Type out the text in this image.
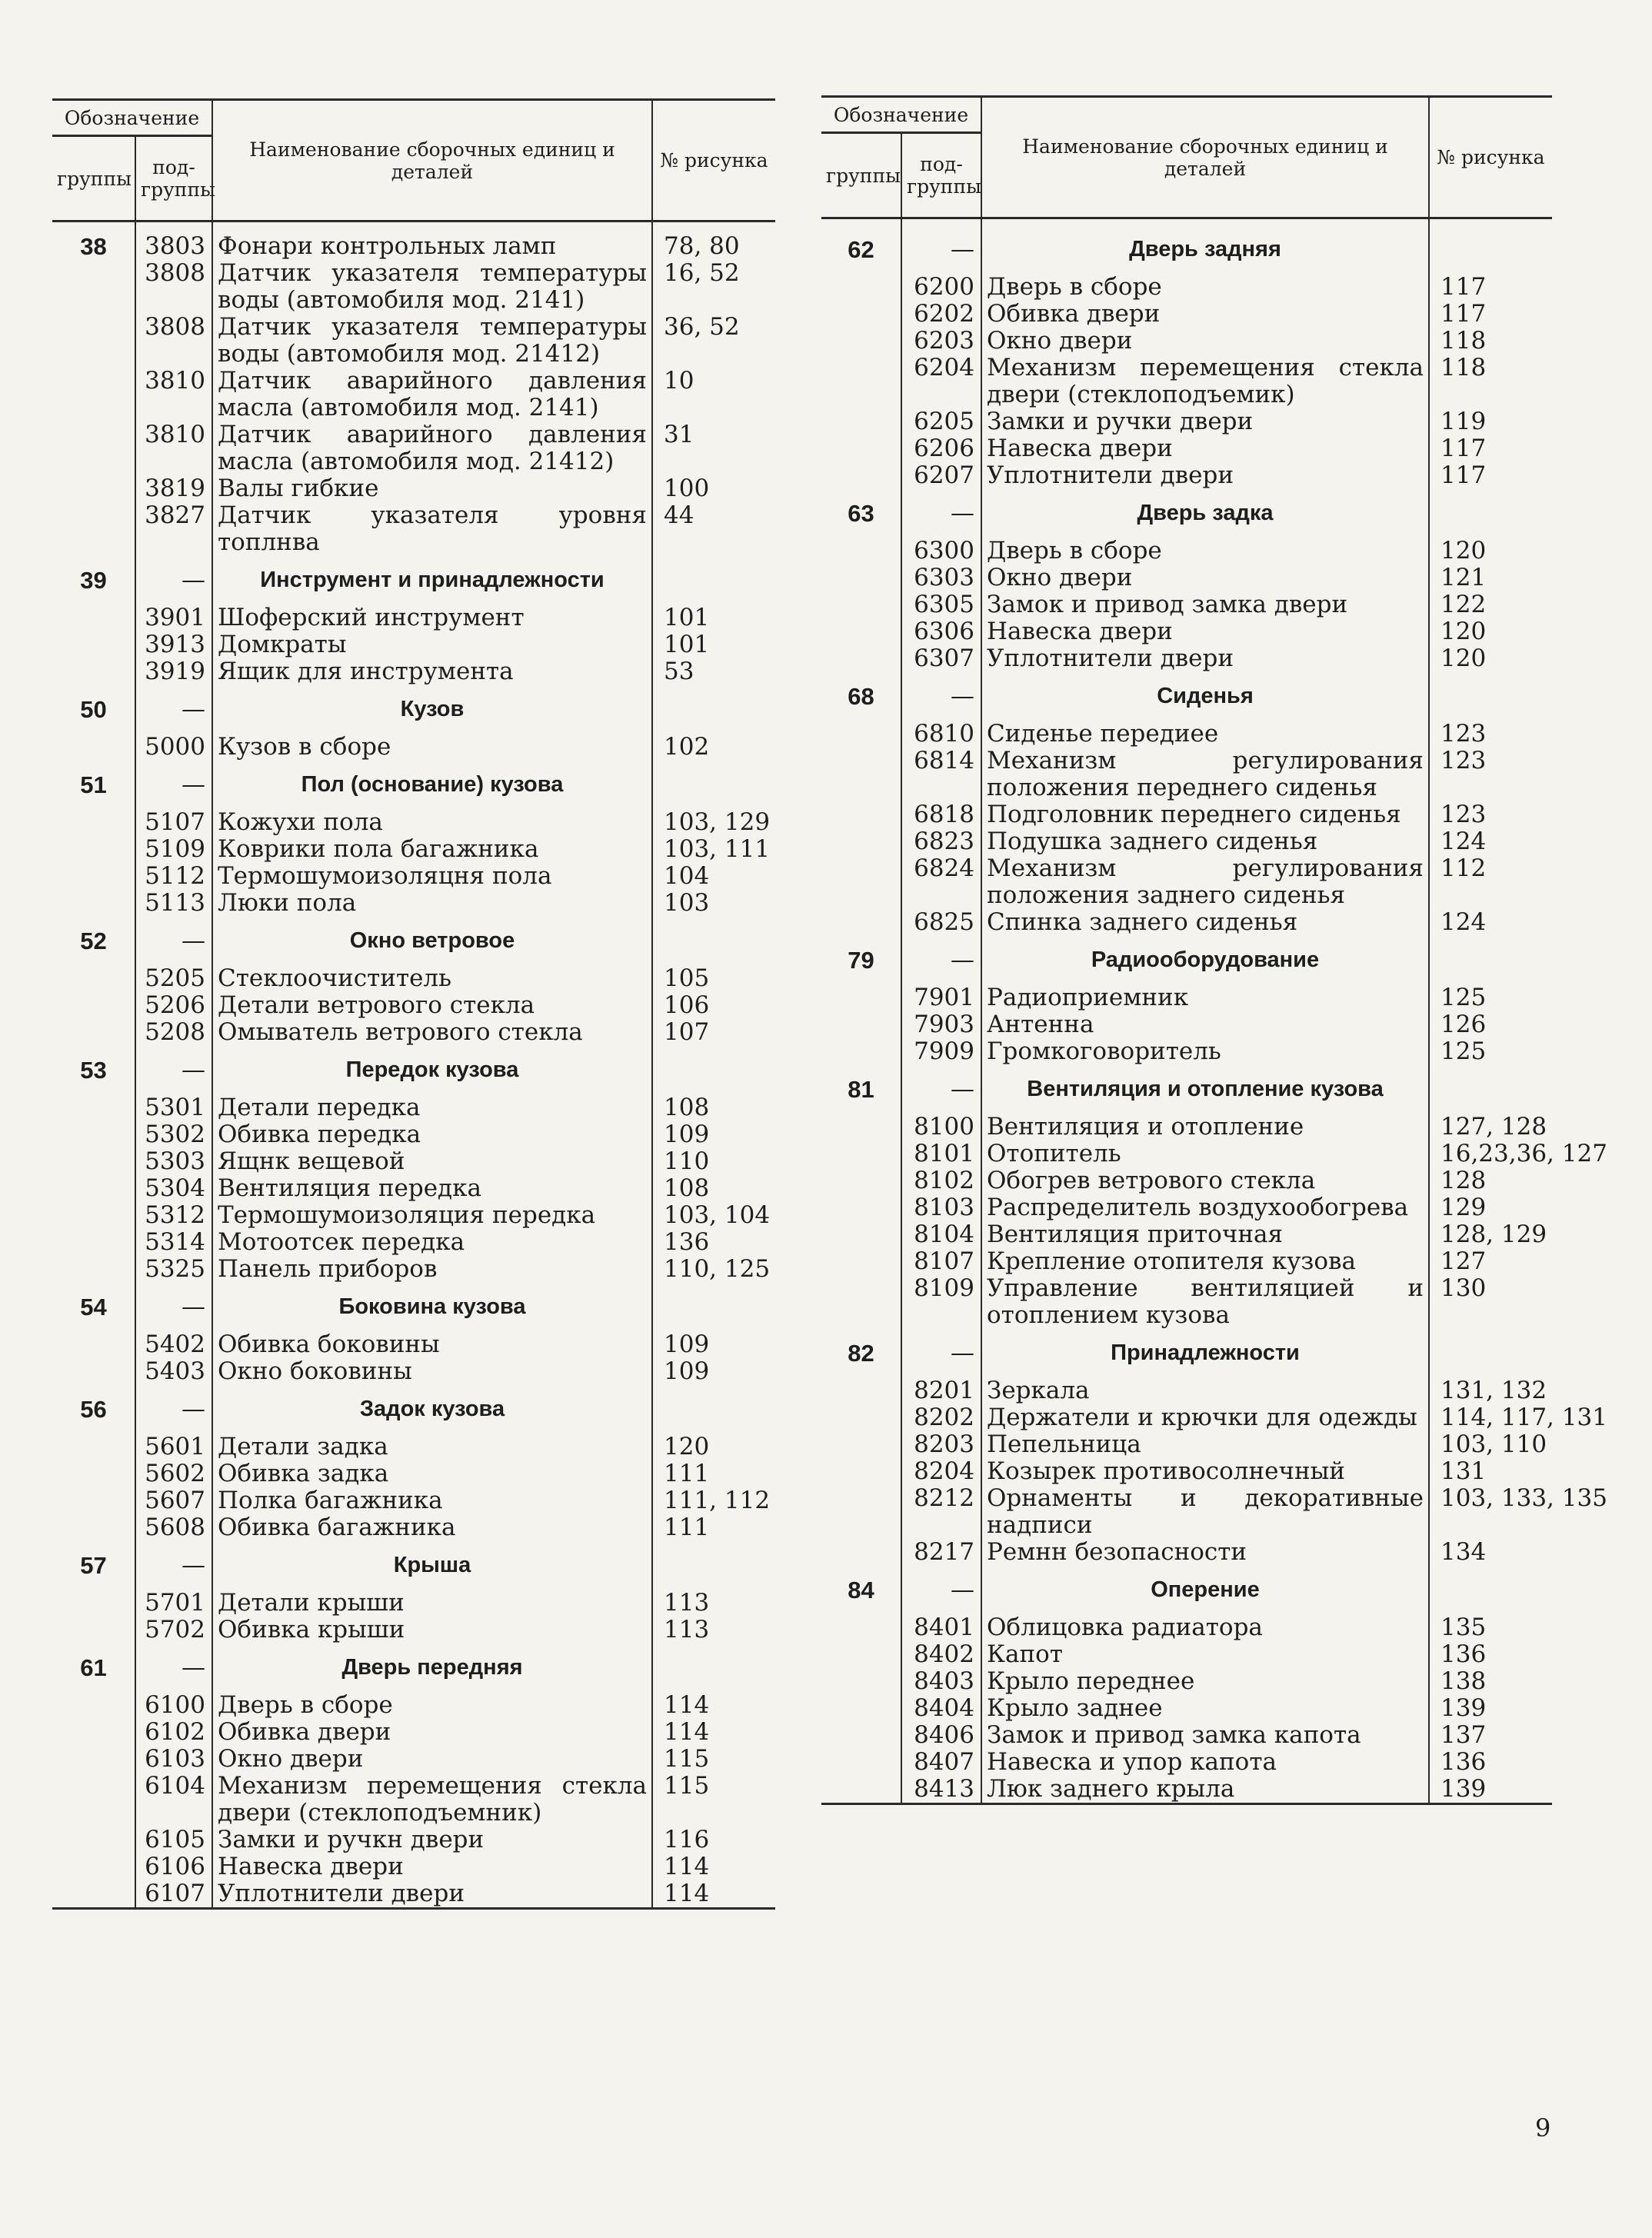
Обозначение		Наименование сборочных единиц и деталей	№ рисунка
группы	под-группы		
38	3803	Фонари контрольных ламп	78, 80
	3808	Датчик указателя температуры воды (автомобиля мод. 2141)	16, 52
	3808	Датчик указателя температуры воды (автомобиля мод. 21412)	36, 52
	3810	Датчик аварийного давления масла (автомобиля мод. 2141)	10
	3810	Датчик аварийного давления масла (автомобиля мод. 21412)	31
	3819	Валы гибкие	100
	3827	Датчик указателя уровня топлнва	44
39	—	Инструмент и принадлежности	
	3901	Шоферский инструмент	101
	3913	Домкраты	101
	3919	Ящик для инструмента	53
50	—	Кузов	
	5000	Кузов в сборе	102
51	—	Пол (основание) кузова	
	5107	Кожухи пола	103, 129
	5109	Коврики пола багажника	103, 111
	5112	Термошумоизоляцня пола	104
	5113	Люки пола	103
52	—	Окно ветровое	
	5205	Стеклоочиститель	105
	5206	Детали ветрового стекла	106
	5208	Омыватель ветрового стекла	107
53	—	Передок кузова	
	5301	Детали передка	108
	5302	Обивка передка	109
	5303	Ящнк вещевой	110
	5304	Вентиляция передка	108
	5312	Термошумоизоляция передка	103, 104
	5314	Мотоотсек передка	136
	5325	Панель приборов	110, 125
54	—	Боковина кузова	
	5402	Обивка боковины	109
	5403	Окно боковины	109
56	—	Задок кузова	
	5601	Детали задка	120
	5602	Обивка задка	111
	5607	Полка багажника	111, 112
	5608	Обивка багажника	111
57	—	Крыша	
	5701	Детали крыши	113
	5702	Обивка крыши	113
61	—	Дверь передняя	
	6100	Дверь в сборе	114
	6102	Обивка двери	114
	6103	Окно двери	115
	6104	Механизм перемещения стекла двери (стеклоподъемник)	115
	6105	Замки и ручкн двери	116
	6106	Навеска двери	114
	6107	Уплотнители двери	114
Обозначение		Наименование сборочных единиц и деталей	№ рисунка
группы	под-группы		
62	—	Дверь задняя	
	6200	Дверь в сборе	117
	6202	Обивка двери	117
	6203	Окно двери	118
	6204	Механизм перемещения стекла двери (стеклоподъемик)	118
	6205	Замки и ручки двери	119
	6206	Навеска двери	117
	6207	Уплотнители двери	117
63	—	Дверь задка	
	6300	Дверь в сборе	120
	6303	Окно двери	121
	6305	Замок и привод замка двери	122
	6306	Навеска двери	120
	6307	Уплотнители двери	120
68	—	Сиденья	
	6810	Сиденье передиее	123
	6814	Механизм регулирования положения переднего сиденья	123
	6818	Подголовник переднего сиденья	123
	6823	Подушка заднего сиденья	124
	6824	Механизм регулирования положения заднего сиденья	112
	6825	Спинка заднего сиденья	124
79	—	Радиооборудование	
	7901	Радиоприемник	125
	7903	Антенна	126
	7909	Громкоговоритель	125
81	—	Вентиляция и отопление кузова	
	8100	Вентиляция и отопление	127, 128
	8101	Отопитель	16,23,36, 127
	8102	Обогрев ветрового стекла	128
	8103	Распределитель воздухообогрева	129
	8104	Вентиляция приточная	128, 129
	8107	Крепление отопителя кузова	127
	8109	Управление вентиляцией и отоплением кузова	130
82	—	Принадлежности	
	8201	Зеркала	131, 132
	8202	Держатели и крючки для одежды	114, 117, 131
	8203	Пепельница	103, 110
	8204	Козырек противосолнечный	131
	8212	Орнаменты и декоративные надписи	103, 133, 135
	8217	Ремнн безопасности	134
84	—	Оперение	
	8401	Облицовка радиатора	135
	8402	Капот	136
	8403	Крыло переднее	138
	8404	Крыло заднее	139
	8406	Замок и привод замка капота	137
	8407	Навеска и упор капота	136
	8413	Люк заднего крыла	139
9
